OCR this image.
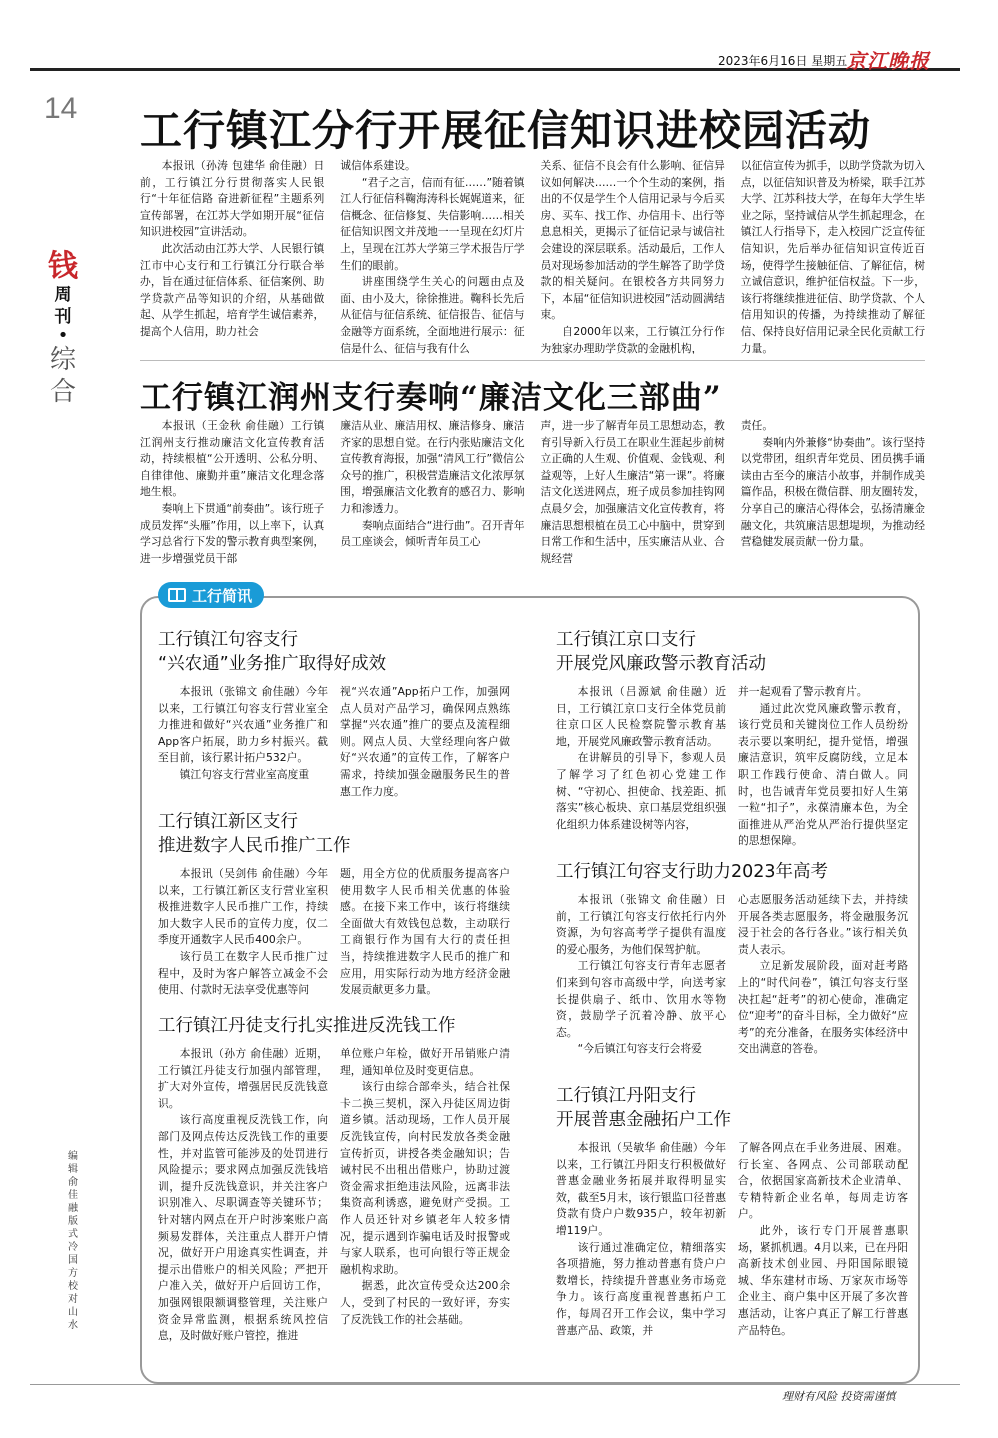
2023年6月16日 星期五
京江晚报
14
钱
周
刊
•
综合
编辑 俞佳融 版式 冷国方 校对 山水
工行镇江分行开展征信知识进校园活动

本报讯（孙涛 包建华 俞佳融）日前，工行镇江分行贯彻落实人民银行“十年征信路 奋进新征程”主题系列宣传部署，在江苏大学如期开展“征信知识进校园”宣讲活动。

此次活动由江苏大学、人民银行镇江市中心支行和工行镇江分行联合举办，旨在通过征信体系、征信案例、助学贷款产品等知识的介绍，从基础做起、从学生抓起，培育学生诚信素养，提高个人信用，助力社会

诚信体系建设。

“君子之言，信而有征……”随着镇江人行征信科鞠海涛科长娓娓道来，征信概念、征信修复、失信影响……相关征信知识图文并茂地一一呈现在幻灯片上，呈现在江苏大学第三学术报告厅学生们的眼前。

讲座围绕学生关心的问题由点及面、由小及大，徐徐推进。鞠科长先后从征信与征信系统、征信报告、征信与金融等方面系统，全面地进行展示：征信是什么、征信与我有什么

关系、征信不良会有什么影响、征信异议如何解决……一个个生动的案例，指出的不仅是学生个人信用记录与今后买房、买车、找工作、办信用卡、出行等息息相关，更揭示了征信记录与诚信社会建设的深层联系。活动最后，工作人员对现场参加活动的学生解答了助学贷款的相关疑问。在银校各方共同努力下，本届“征信知识进校园”活动圆满结束。

自2000年以来，工行镇江分行作为独家办理助学贷款的金融机构，

以征信宣传为抓手，以助学贷款为切入点，以征信知识普及为桥梁，联手江苏大学、江苏科技大学，在每年大学生毕业之际，坚持诚信从学生抓起理念，在镇江人行指导下，走入校园广泛宣传征信知识，先后举办征信知识宣传近百场，使得学生接触征信、了解征信，树立诚信意识，维护征信权益。下一步，该行将继续推进征信、助学贷款、个人信用知识的传播，为持续推动了解征信、保持良好信用记录全民化贡献工行力量。

工行镇江润州支行奏响“廉洁文化三部曲”

本报讯（王金秋 俞佳融）工行镇江润州支行推动廉洁文化宣传教育活动，持续根植“公开透明、公私分明、自律律他、廉勤并重”廉洁文化理念落地生根。

奏响上下贯通“前奏曲”。该行班子成员发挥“头雁”作用，以上率下，认真学习总省行下发的警示教育典型案例，进一步增强党员干部

廉洁从业、廉洁用权、廉洁修身、廉洁齐家的思想自觉。在行内张贴廉洁文化宣传教育海报，加强“清风工行”微信公众号的推广，积极营造廉洁文化浓厚氛围，增强廉洁文化教育的感召力、影响力和渗透力。

奏响点面结合“进行曲”。召开青年员工座谈会，倾听青年员工心

声，进一步了解青年员工思想动态，教育引导新入行员工在职业生涯起步前树立正确的人生观、价值观、金钱观、利益观等，上好人生廉洁“第一课”。将廉洁文化送进网点，班子成员参加挂钩网点晨夕会，加强廉洁文化宣传教育，将廉洁思想根植在员工心中脑中，贯穿到日常工作和生活中，压实廉洁从业、合规经营

责任。

奏响内外兼修“协奏曲”。该行坚持以党带团，组织青年党员、团员携手诵读由古至今的廉洁小故事，并制作成美篇作品，积极在微信群、朋友圈转发，分享自己的廉洁心得体会，弘扬清廉金融文化，共筑廉洁思想堤坝，为推动经营稳健发展贡献一份力量。

工行简讯
工行镇江句容支行
“兴农通”业务推广取得好成效

本报讯（张锦文 俞佳融）今年以来，工行镇江句容支行营业室全力推进和做好“兴农通”业务推广和App客户拓展，助力乡村振兴。截至目前，该行累计拓户532户。

镇江句容支行营业室高度重

视“兴农通”App拓户工作，加强网点人员对产品学习，确保网点熟练掌握“兴农通”推广的要点及流程细则。网点人员、大堂经理向客户做好“兴农通”的宣传工作，了解客户需求，持续加强金融服务民生的普惠工作力度。

工行镇江新区支行
推进数字人民币推广工作

本报讯（吴剑伟 俞佳融）今年以来，工行镇江新区支行营业室积极推进数字人民币推广工作，持续加大数字人民币的宣传力度，仅二季度开通数字人民币400余户。

该行员工在数字人民币推广过程中，及时为客户解答立减金不会使用、付款时无法享受优惠等问

题，用全方位的优质服务提高客户使用数字人民币相关优惠的体验感。在接下来工作中，该行将继续全面做大有效钱包总数，主动联行工商银行作为国有大行的责任担当，持续推进数字人民币的推广和应用，用实际行动为地方经济金融发展贡献更多力量。

工行镇江丹徒支行扎实推进反洗钱工作

本报讯（孙方 俞佳融）近期，工行镇江丹徒支行加强内部管理，扩大对外宣传，增强居民反洗钱意识。

该行高度重视反洗钱工作，向部门及网点传达反洗钱工作的重要性，并对监管可能涉及的处罚进行风险提示；要求网点加强反洗钱培训，提升反洗钱意识，并关注客户识别准入、尽职调查等关键环节；针对辖内网点在开户时涉案账户高频易发群体，关注重点人群开户情况，做好开户用途真实性调查，并提示出借账户的相关风险；严把开户准入关，做好开户后回访工作，加强网银限额调整管理，关注账户资金异常监测，根据系统风控信息，及时做好账户管控，推进

单位账户年检，做好开吊销账户清理，通知单位及时变更信息。

该行由综合部牵头，结合社保卡二换三契机，深入丹徒区周边街道乡镇。活动现场，工作人员开展反洗钱宣传，向村民发放各类金融宣传折页，讲授各类金融知识；告诫村民不出租出借账户，协助过渡资金需求拒绝违法风险，远离非法集资高利诱惑，避免财产受损。工作人员还针对乡镇老年人较多情况，提示遇到诈骗电话及时报警或与家人联系，也可向银行等正规金融机构求助。

据悉，此次宣传受众达200余人，受到了村民的一致好评，夯实了反洗钱工作的社会基础。

工行镇江京口支行
开展党风廉政警示教育活动

本报讯（吕源斌 俞佳融）近日，工行镇江京口支行全体党员前往京口区人民检察院警示教育基地，开展党风廉政警示教育活动。

在讲解员的引导下，参观人员了解学习了红色初心党建工作树、“守初心、担使命、找差距、抓落实”核心板块、京口基层党组织强化组织力体系建设树等内容，

并一起观看了警示教育片。

通过此次党风廉政警示教育，该行党员和关键岗位工作人员纷纷表示要以案明纪，提升觉悟，增强廉洁意识，筑牢反腐防线，立足本职工作践行使命、清白做人。同时，也告诫青年党员要扣好人生第一粒“扣子”，永葆清廉本色，为全面推进从严治党从严治行提供坚定的思想保障。

工行镇江句容支行助力2023年高考

本报讯（张锦文 俞佳融）日前，工行镇江句容支行依托行内外资源，为句容高考学子提供有温度的爱心服务，为他们保驾护航。

工行镇江句容支行青年志愿者们来到句容市高级中学，向送考家长提供扇子、纸巾、饮用水等物资，鼓励学子沉着冷静、放平心态。

“今后镇江句容支行会将爱

心志愿服务活动延续下去，并持续开展各类志愿服务，将金融服务沉浸于社会的各行各业。”该行相关负责人表示。

立足新发展阶段，面对赶考路上的“时代问卷”，镇江句容支行坚决扛起“赶考”的初心使命，准确定位“迎考”的奋斗目标，全力做好“应考”的充分准备，在服务实体经济中交出满意的答卷。

工行镇江丹阳支行
开展普惠金融拓户工作

本报讯（吴敏华 俞佳融）今年以来，工行镇江丹阳支行积极做好普惠金融业务拓展并取得明显实效，截至5月末，该行银监口径普惠贷款有贷户户数935户，较年初新增119户。

该行通过准确定位，精细落实各项措施，努力推动普惠有贷户户数增长，持续提升普惠业务市场竞争力。该行高度重视普惠拓户工作，每周召开工作会议，集中学习普惠产品、政策，并

了解各网点在手业务进展、困难。行长室、各网点、公司部联动配合，依据国家高新技术企业清单、专精特新企业名单，每周走访客户。

此外，该行专门开展普惠职场，紧抓机遇。4月以来，已在丹阳高新技术创业园、丹阳国际眼镜城、华东建材市场、万家灰市场等企业主、商户集中区开展了多次普惠活动，让客户真正了解工行普惠产品特色。

理财有风险 投资需谨慎
